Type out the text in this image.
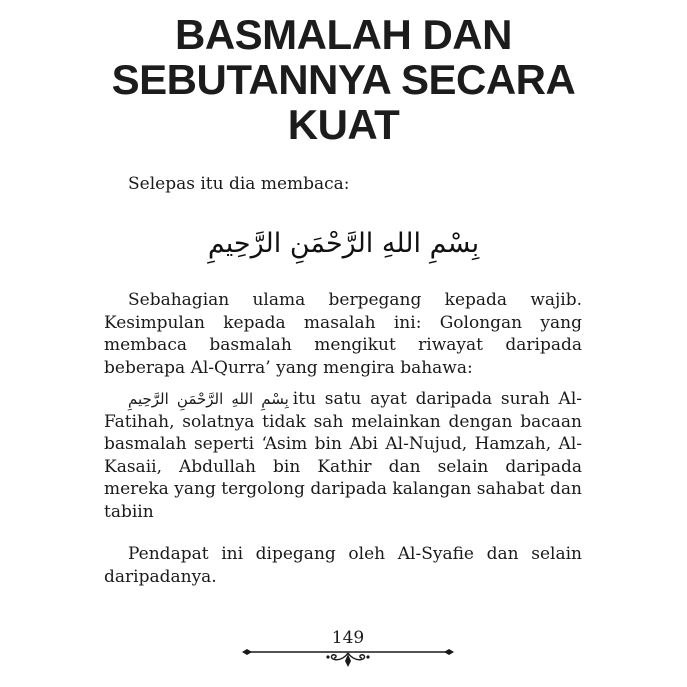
BASMALAH DAN
SEBUTANNYA SECARA
KUAT

Selepas itu dia membaca:

بِسْمِ اللهِ الرَّحْمَنِ الرَّحِيمِ

Sebahagian ulama berpegang kepada wajib. Kesimpulan kepada masalah ini: Golongan yang membaca basmalah mengikut riwayat daripada beberapa Al-Qurra’ yang mengira bahawa:

بِسْمِ اللهِ الرَّحْمَنِ الرَّحِيمِ itu satu ayat daripada surah Al-Fatihah, solatnya tidak sah melainkan dengan bacaan basmalah seperti ‘Asim bin Abi Al-Nujud, Hamzah, Al-Kasaii, Abdullah bin Kathir dan selain daripada mereka yang tergolong daripada kalangan sahabat dan tabiin

Pendapat ini dipegang oleh Al-Syafie dan selain daripadanya.

149
